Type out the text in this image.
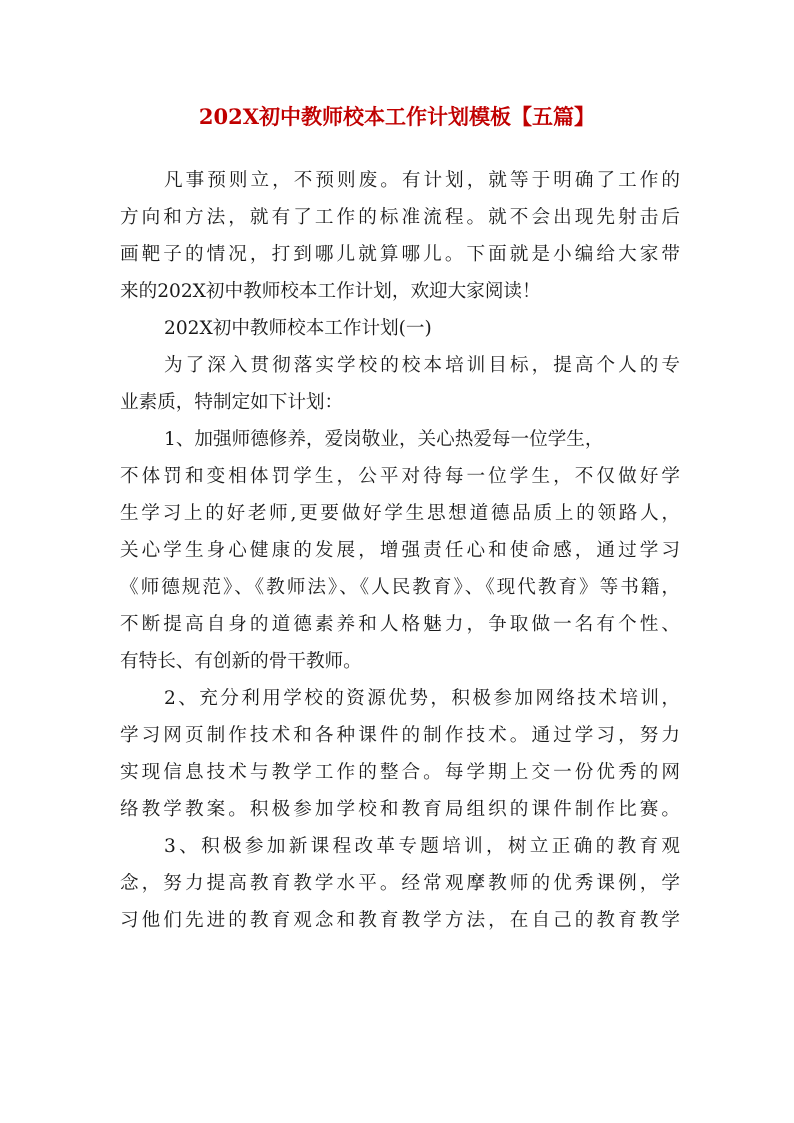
202X初中教师校本工作计划模板【五篇】
凡事预则立，不预则废。有计划，就等于明确了工作的
方向和方法，就有了工作的标准流程。就不会出现先射击后
画靶子的情况，打到哪儿就算哪儿。下面就是小编给大家带
来的202X初中教师校本工作计划，欢迎大家阅读！
202X初中教师校本工作计划(一)
为了深入贯彻落实学校的校本培训目标，提高个人的专
业素质，特制定如下计划：
1、加强师德修养，爱岗敬业，关心热爱每一位学生，
不体罚和变相体罚学生，公平对待每一位学生，不仅做好学
生学习上的好老师,更要做好学生思想道德品质上的领路人，
关心学生身心健康的发展，增强责任心和使命感，通过学习
《师德规范》、《教师法》、《人民教育》、《现代教育》等书籍，
不断提高自身的道德素养和人格魅力，争取做一名有个性、
有特长、有创新的骨干教师。
2、充分利用学校的资源优势，积极参加网络技术培训，
学习网页制作技术和各种课件的制作技术。通过学习，努力
实现信息技术与教学工作的整合。每学期上交一份优秀的网
络教学教案。积极参加学校和教育局组织的课件制作比赛。
3、积极参加新课程改革专题培训，树立正确的教育观
念，努力提高教育教学水平。经常观摩教师的优秀课例，学
习他们先进的教育观念和教育教学方法，在自己的教育教学
